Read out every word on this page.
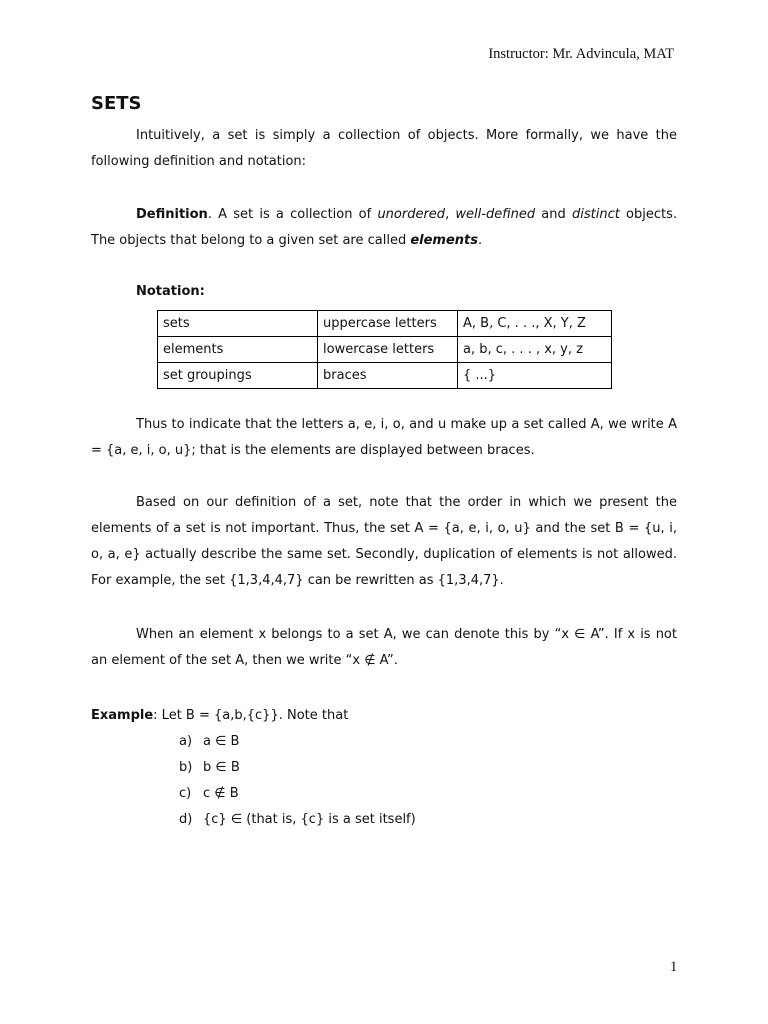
Instructor: Mr. Advincula, MAT
SETS

Intuitively, a set is simply a collection of objects. More formally, we have the following definition and notation:

Definition. A set is a collection of unordered, well-defined and distinct objects. The objects that belong to a given set are called elements.

Notation:
sets	uppercase letters	A, B, C, . . ., X, Y, Z
elements	lowercase letters	a, b, c, . . . , x, y, z
set groupings	braces	{ ...}

Thus to indicate that the letters a, e, i, o, and u make up a set called A, we write A = {a, e, i, o, u}; that is the elements are displayed between braces.

Based on our definition of a set, note that the order in which we present the elements of a set is not important. Thus, the set A = {a, e, i, o, u} and the set B = {u, i, o, a, e} actually describe the same set. Secondly, duplication of elements is not allowed. For example, the set {1,3,4,4,7} can be rewritten as {1,3,4,7}.

When an element x belongs to a set A, we can denote this by “x ∈ A”. If x is not an element of the set A, then we write “x ∉ A”.

Example: Let B = {a,b,{c}}. Note that
a) a ∈ B
b) b ∈ B
c) c ∉ B
d) {c} ∈ (that is, {c} is a set itself)
1
